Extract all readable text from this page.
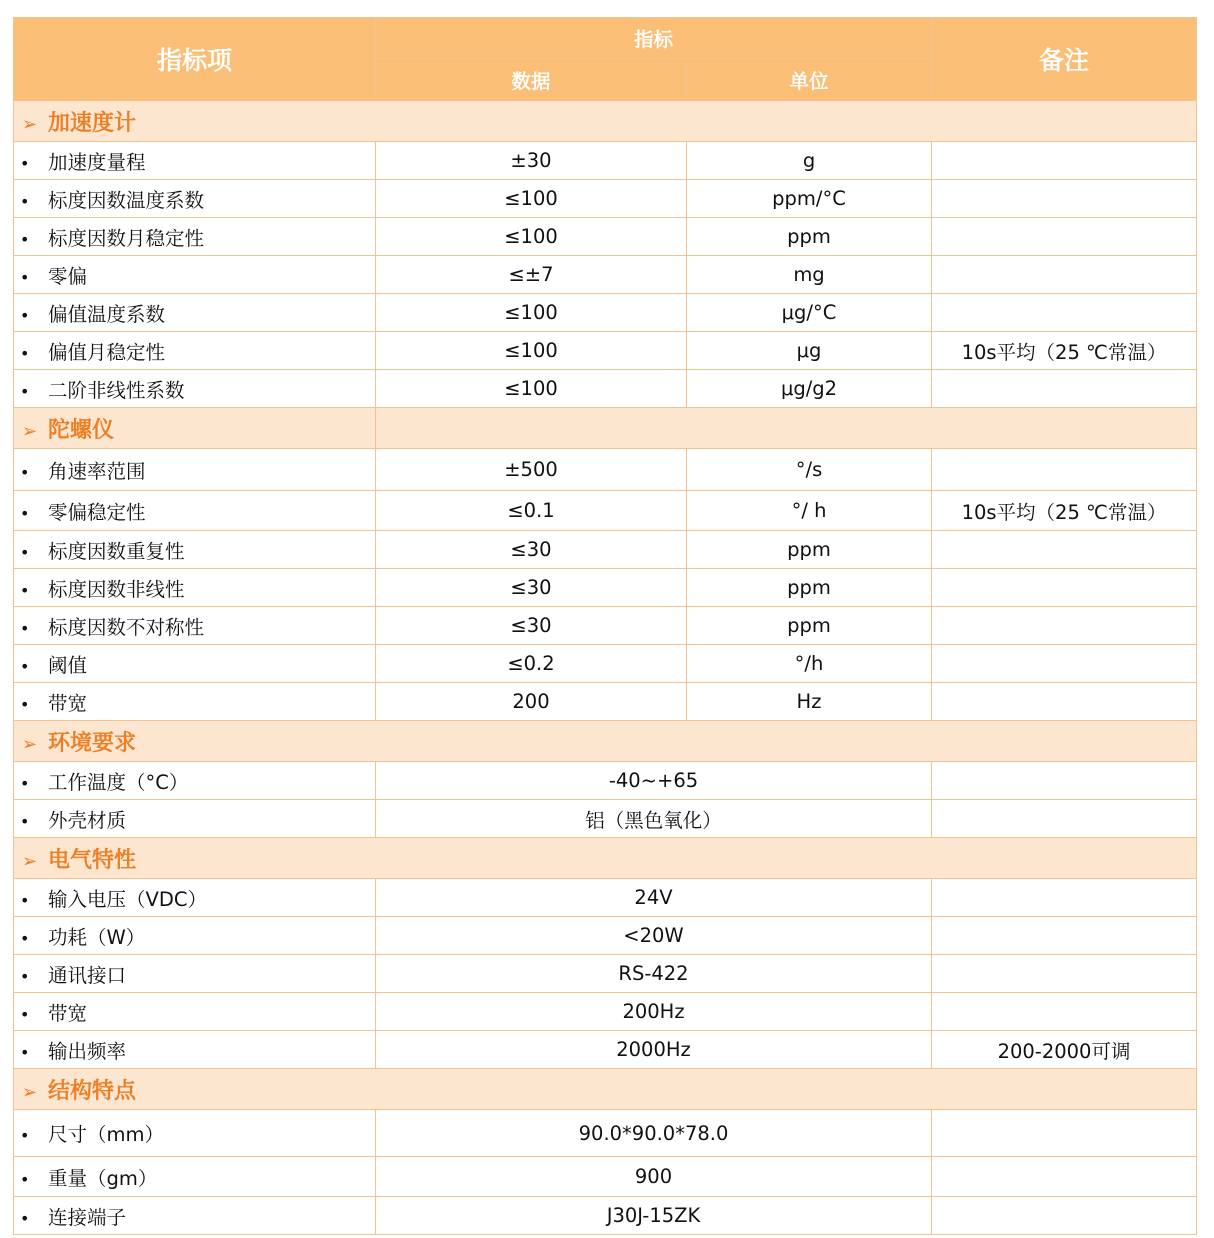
指标项	指标		备注
	数据	单位	
➢ 加速度计			
• 加速度量程	±30	g	
• 标度因数温度系数	≤100	ppm/°C	
• 标度因数月稳定性	≤100	ppm	
• 零偏	≤±7	mg	
• 偏值温度系数	≤100	μg/°C	
• 偏值月稳定性	≤100	μg	10s平均（25 ℃常温）
• 二阶非线性系数	≤100	μg/g2	
➢ 陀螺仪			
• 角速率范围	±500	°/s	
• 零偏稳定性	≤0.1	°/ h	10s平均（25 ℃常温）
• 标度因数重复性	≤30	ppm	
• 标度因数非线性	≤30	ppm	
• 标度因数不对称性	≤30	ppm	
• 阈值	≤0.2	°/h	
• 带宽	200	Hz	
➢ 环境要求			
• 工作温度（°C）	-40~+65		
• 外壳材质	铝（黑色氧化）		
➢ 电气特性			
• 输入电压（VDC）	24V		
• 功耗（W）	<20W		
• 通讯接口	RS-422		
• 带宽	200Hz		
• 输出频率	2000Hz		200-2000可调
➢ 结构特点			
• 尺寸（mm）	90.0*90.0*78.0		
• 重量（gm）	900		
• 连接端子	J30J-15ZK		
